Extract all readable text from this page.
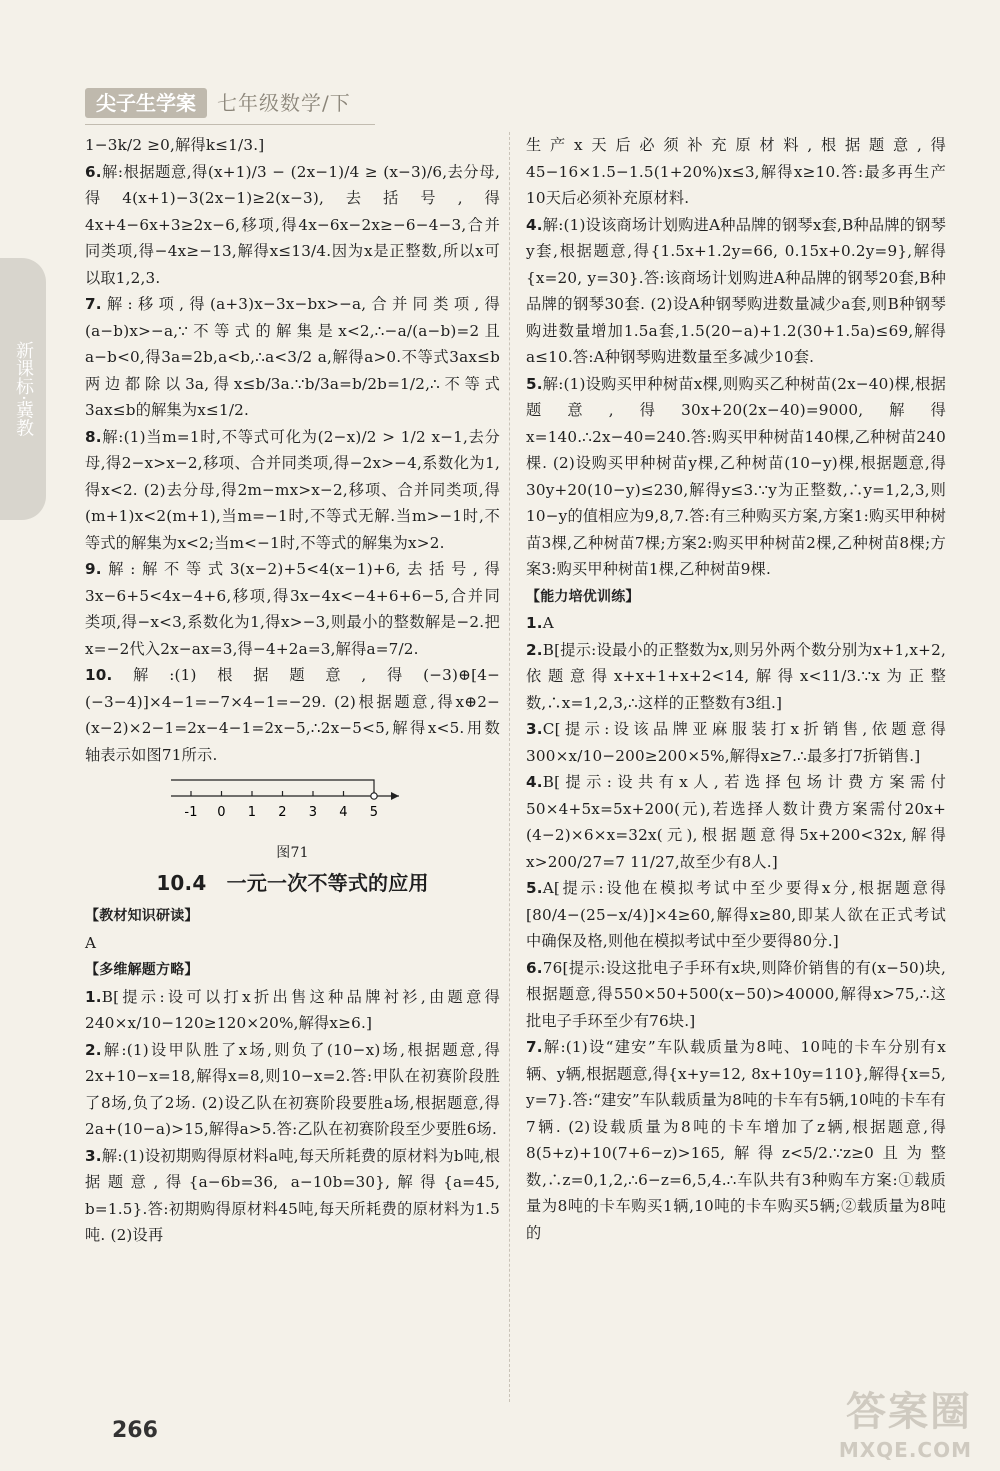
尖子生学案	七年级数学/下
新课标·冀教

1−3k/2 ≥0,解得k≤1/3.]

6.解:根据题意,得(x+1)/3 − (2x−1)/4 ≥ (x−3)/6,去分母,得4(x+1)−3(2x−1)≥2(x−3),去括号,得4x+4−6x+3≥2x−6,移项,得4x−6x−2x≥−6−4−3,合并同类项,得−4x≥−13,解得x≤13/4.因为x是正整数,所以x可以取1,2,3.

7.解:移项,得(a+3)x−3x−bx>−a,合并同类项,得(a−b)x>−a,∵不等式的解集是x<2,∴−a/(a−b)=2且a−b<0,得3a=2b,a<b,∴a<3/2 a,解得a>0.不等式3ax≤b两边都除以3a,得x≤b/3a.∵b/3a=b/2b=1/2,∴不等式3ax≤b的解集为x≤1/2.

8.解:(1)当m=1时,不等式可化为(2−x)/2 > 1/2 x−1,去分母,得2−x>x−2,移项、合并同类项,得−2x>−4,系数化为1,得x<2. (2)去分母,得2m−mx>x−2,移项、合并同类项,得(m+1)x<2(m+1),当m=−1时,不等式无解.当m>−1时,不等式的解集为x<2;当m<−1时,不等式的解集为x>2.

9.解:解不等式3(x−2)+5<4(x−1)+6,去括号,得3x−6+5<4x−4+6,移项,得3x−4x<−4+6+6−5,合并同类项,得−x<3,系数化为1,得x>−3,则最小的整数解是−2.把x=−2代入2x−ax=3,得−4+2a=3,解得a=7/2.

10.解:(1)根据题意,得(−3)⊕[4−(−3−4)]×4−1=−7×4−1=−29. (2)根据题意,得x⊕2−(x−2)×2−1=2x−4−1=2x−5,∴2x−5<5,解得x<5.用数轴表示如图71所示.

-1 0 1 2 3 4 5
图71
10.4　一元一次不等式的应用

【教材知识研读】

A

【多维解题方略】

1.B[提示:设可以打x折出售这种品牌衬衫,由题意得240×x/10−120≥120×20%,解得x≥6.]

2.解:(1)设甲队胜了x场,则负了(10−x)场,根据题意,得2x+10−x=18,解得x=8,则10−x=2.答:甲队在初赛阶段胜了8场,负了2场. (2)设乙队在初赛阶段要胜a场,根据题意,得2a+(10−a)>15,解得a>5.答:乙队在初赛阶段至少要胜6场.

3.解:(1)设初期购得原材料a吨,每天所耗费的原材料为b吨,根据题意,得{a−6b=36, a−10b=30},解得{a=45, b=1.5}.答:初期购得原材料45吨,每天所耗费的原材料为1.5吨. (2)设再

生产x天后必须补充原材料,根据题意,得45−16×1.5−1.5(1+20%)x≤3,解得x≥10.答:最多再生产10天后必须补充原材料.

4.解:(1)设该商场计划购进A种品牌的钢琴x套,B种品牌的钢琴y套,根据题意,得{1.5x+1.2y=66, 0.15x+0.2y=9},解得{x=20, y=30}.答:该商场计划购进A种品牌的钢琴20套,B种品牌的钢琴30套. (2)设A种钢琴购进数量减少a套,则B种钢琴购进数量增加1.5a套,1.5(20−a)+1.2(30+1.5a)≤69,解得a≤10.答:A种钢琴购进数量至多减少10套.

5.解:(1)设购买甲种树苗x棵,则购买乙种树苗(2x−40)棵,根据题意,得30x+20(2x−40)=9000,解得x=140.∴2x−40=240.答:购买甲种树苗140棵,乙种树苗240棵. (2)设购买甲种树苗y棵,乙种树苗(10−y)棵,根据题意,得30y+20(10−y)≤230,解得y≤3.∵y为正整数,∴y=1,2,3,则10−y的值相应为9,8,7.答:有三种购买方案,方案1:购买甲种树苗3棵,乙种树苗7棵;方案2:购买甲种树苗2棵,乙种树苗8棵;方案3:购买甲种树苗1棵,乙种树苗9棵.

【能力培优训练】

1.A

2.B[提示:设最小的正整数为x,则另外两个数分别为x+1,x+2,依题意得x+x+1+x+2<14,解得x<11/3.∵x为正整数,∴x=1,2,3,∴这样的正整数有3组.]

3.C[提示:设该品牌亚麻服装打x折销售,依题意得300×x/10−200≥200×5%,解得x≥7.∴最多打7折销售.]

4.B[提示:设共有x人,若选择包场计费方案需付50×4+5x=5x+200(元),若选择人数计费方案需付20x+(4−2)×6×x=32x(元),根据题意得5x+200<32x,解得x>200/27=7 11/27,故至少有8人.]

5.A[提示:设他在模拟考试中至少要得x分,根据题意得[80/4−(25−x/4)]×4≥60,解得x≥80,即某人欲在正式考试中确保及格,则他在模拟考试中至少要得80分.]

6.76[提示:设这批电子手环有x块,则降价销售的有(x−50)块,根据题意,得550×50+500(x−50)>40000,解得x>75,∴这批电子手环至少有76块.]

7.解:(1)设“建安”车队载质量为8吨、10吨的卡车分别有x辆、y辆,根据题意,得{x+y=12, 8x+10y=110},解得{x=5, y=7}.答:“建安”车队载质量为8吨的卡车有5辆,10吨的卡车有7辆. (2)设载质量为8吨的卡车增加了z辆,根据题意,得8(5+z)+10(7+6−z)>165,解得z<5/2.∵z≥0且为整数,∴z=0,1,2,∴6−z=6,5,4.∴车队共有3种购车方案:①载质量为8吨的卡车购买1辆,10吨的卡车购买5辆;②载质量为8吨的

266	答案圈
MXQE.COM
